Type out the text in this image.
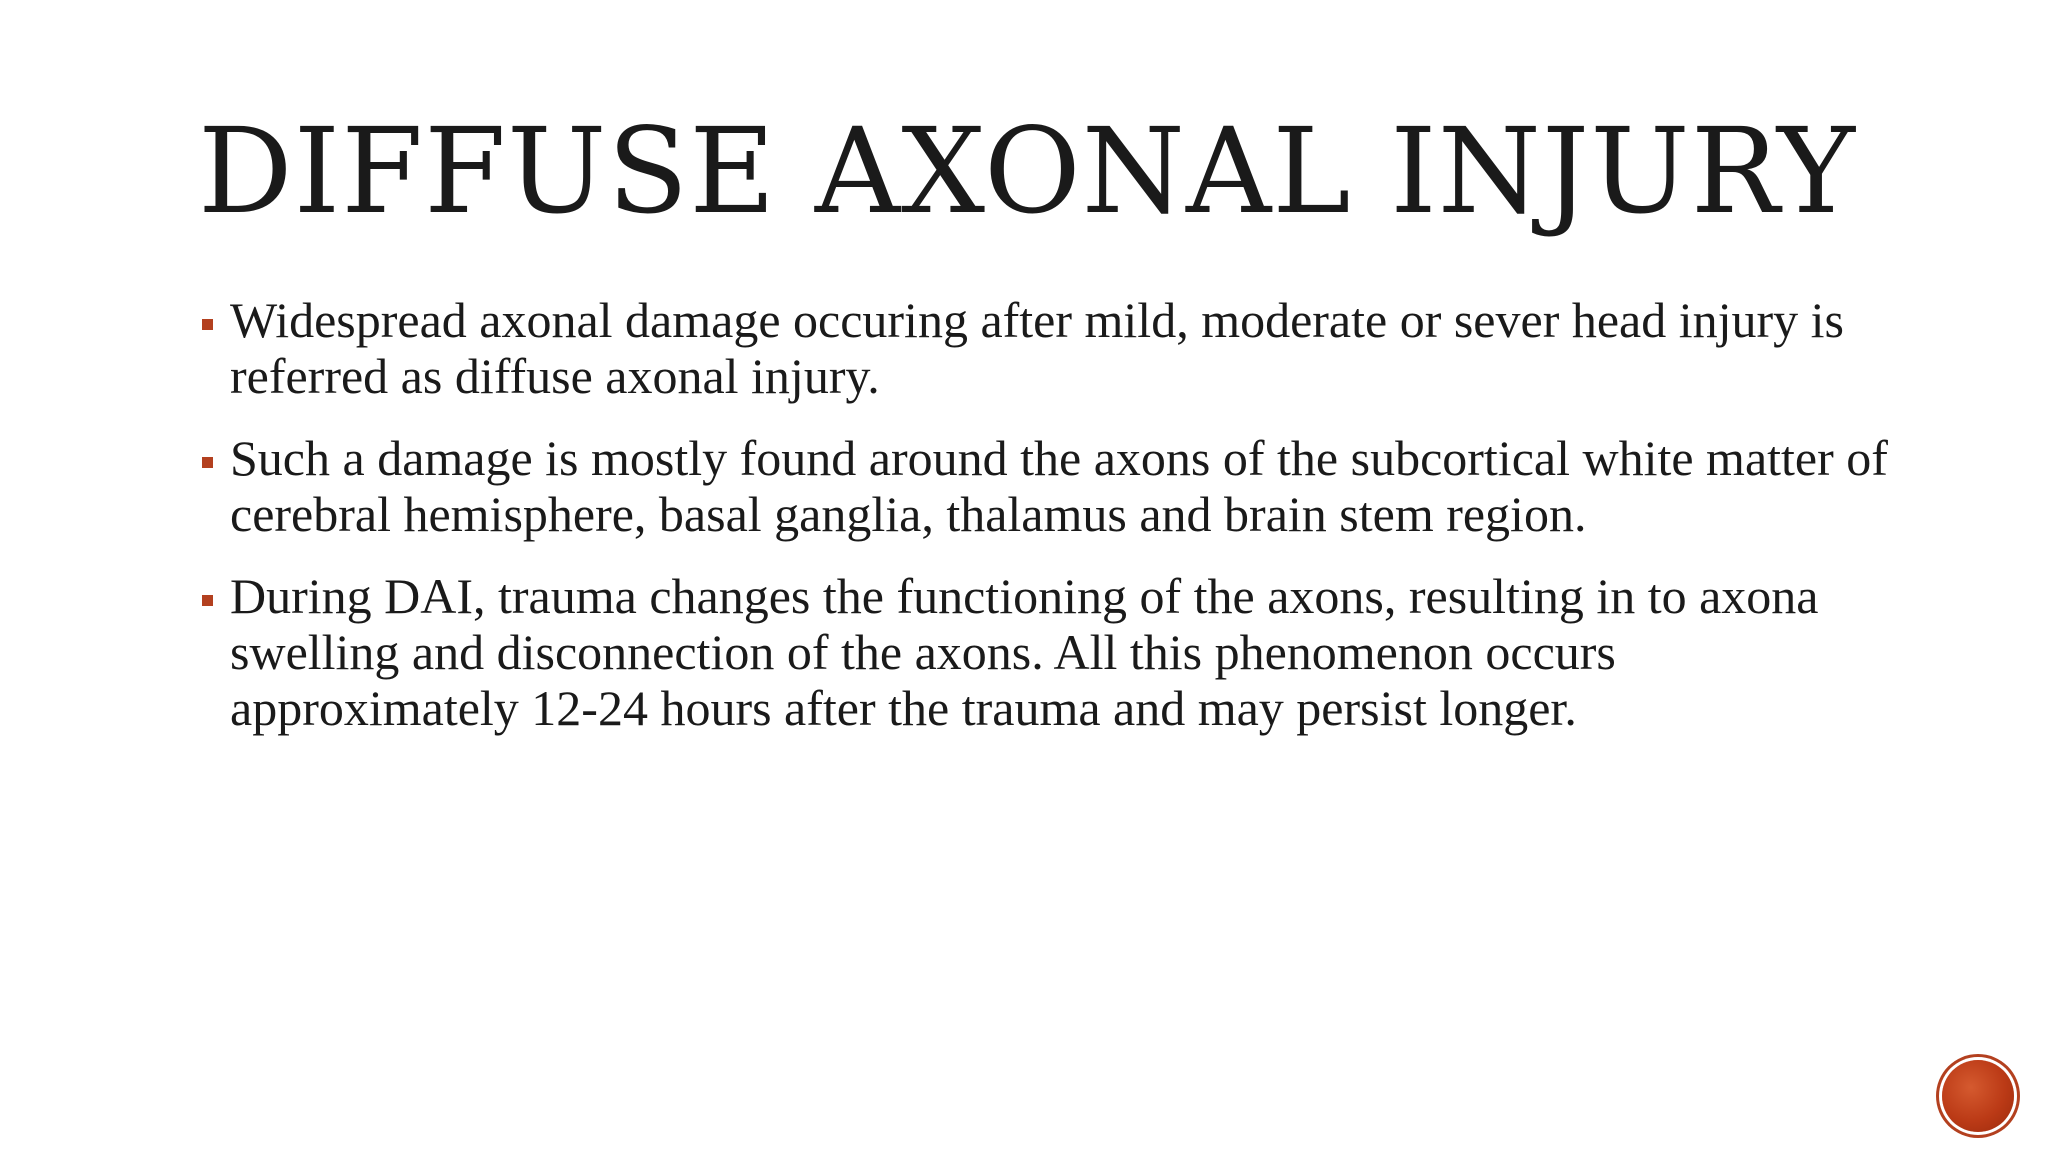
DIFFUSE AXONAL INJURY
Widespread axonal damage occuring after mild, moderate or sever head injury is referred as diffuse axonal injury.
Such a damage is mostly found around the axons of the subcortical white matter of cerebral hemisphere, basal ganglia, thalamus and brain stem region.
During DAI, trauma changes the functioning of the axons, resulting in to axona swelling and disconnection of the axons. All this phenomenon occurs approximately 12-24 hours after the trauma and may persist longer.
